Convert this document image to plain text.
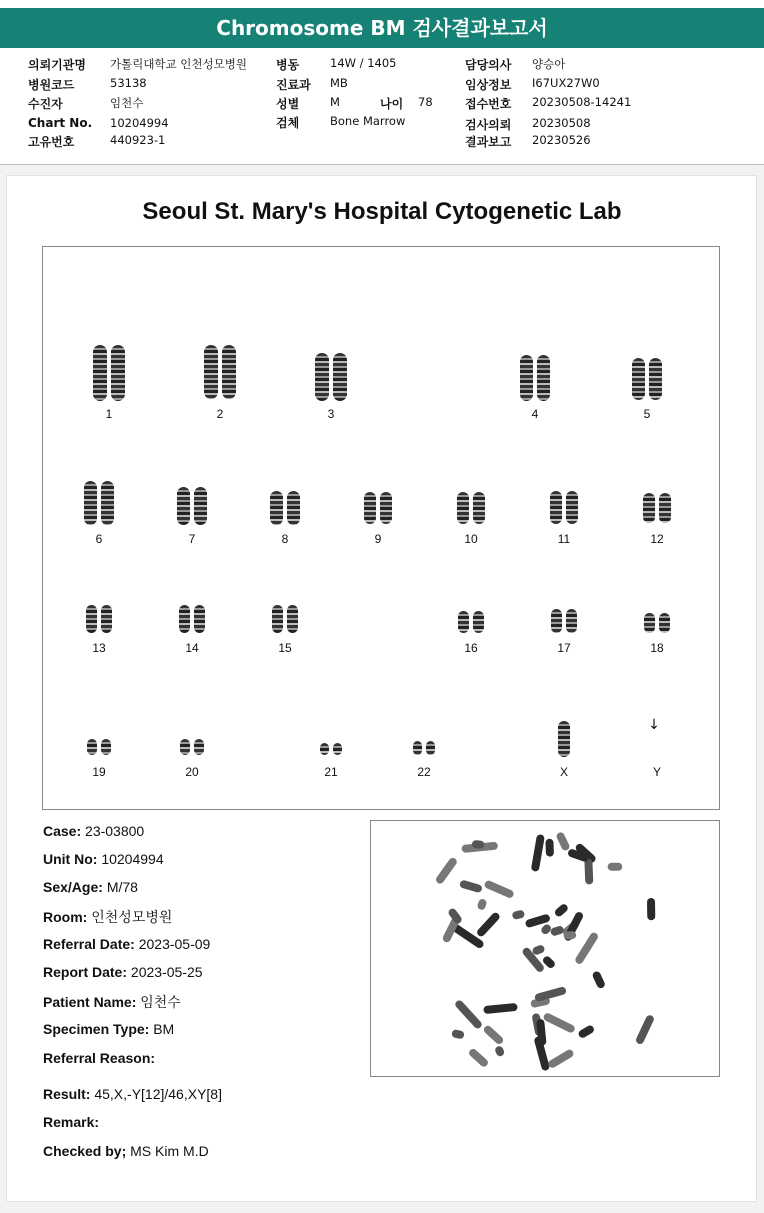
Chromosome BM 검사결과보고서
의뢰기관명 가톨릭대학교 인천성모병원
병원코드	53138
수진자	임천수
Chart No. 10204994
고유번호	440923-1
병동	14W / 1405
진료과 MB
성별	M	나이 78
검체	Bone Marrow
담당의사 양승아
임상정보 I67UX27W0
접수번호 20230508-14241
검사의뢰 20230508
결과보고 20230526
Seoul St. Mary's Hospital Cytogenetic Lab
↓
1	2	3	4	5
6	7	8	9	10	11	12
13	14	15	16	17	18
19	20	21	22	X	Y
Case: 23-03800
Unit No: 10204994
Sex/Age: M/78
Room: 인천성모병원
Referral Date: 2023-05-09
Report Date: 2023-05-25
Patient Name: 임천수
Specimen Type: BM
Referral Reason:
Result: 45,X,-Y[12]/46,XY[8]
Remark:
Checked by; MS Kim M.D
